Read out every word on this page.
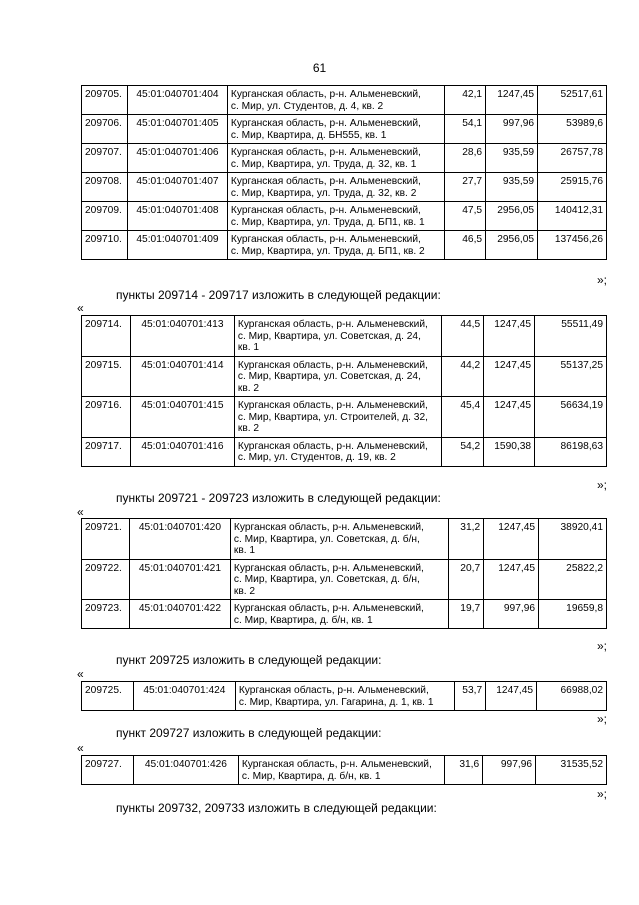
61
209705.	45:01:040701:404	Курганская область, р-н. Альменевский,
с. Мир, ул. Студентов, д. 4, кв. 2	42,1	1247,45	52517,61
209706.	45:01:040701:405	Курганская область, р-н. Альменевский,
с. Мир, Квартира, д. БН555, кв. 1	54,1	997,96	53989,6
209707.	45:01:040701:406	Курганская область, р-н. Альменевский,
с. Мир, Квартира, ул. Труда, д. 32, кв. 1	28,6	935,59	26757,78
209708.	45:01:040701:407	Курганская область, р-н. Альменевский,
с. Мир, Квартира, ул. Труда, д. 32, кв. 2	27,7	935,59	25915,76
209709.	45:01:040701:408	Курганская область, р-н. Альменевский,
с. Мир, Квартира, ул. Труда, д. БП1, кв. 1	47,5	2956,05	140412,31
209710.	45:01:040701:409	Курганская область, р-н. Альменевский,
с. Мир, Квартира, ул. Труда, д. БП1, кв. 2	46,5	2956,05	137456,26
»;
пункты 209714 - 209717 изложить в следующей редакции:
«
209714.	45:01:040701:413	Курганская область, р-н. Альменевский,
с. Мир, Квартира, ул. Советская, д. 24,
кв. 1	44,5	1247,45	55511,49
209715.	45:01:040701:414	Курганская область, р-н. Альменевский,
с. Мир, Квартира, ул. Советская, д. 24,
кв. 2	44,2	1247,45	55137,25
209716.	45:01:040701:415	Курганская область, р-н. Альменевский,
с. Мир, Квартира, ул. Строителей, д. 32,
кв. 2	45,4	1247,45	56634,19
209717.	45:01:040701:416	Курганская область, р-н. Альменевский,
с. Мир, ул. Студентов, д. 19, кв. 2	54,2	1590,38	86198,63
»;
пункты 209721 - 209723 изложить в следующей редакции:
«
209721.	45:01:040701:420	Курганская область, р-н. Альменевский,
с. Мир, Квартира, ул. Советская, д. б/н,
кв. 1	31,2	1247,45	38920,41
209722.	45:01:040701:421	Курганская область, р-н. Альменевский,
с. Мир, Квартира, ул. Советская, д. б/н,
кв. 2	20,7	1247,45	25822,2
209723.	45:01:040701:422	Курганская область, р-н. Альменевский,
с. Мир, Квартира, д. б/н, кв. 1	19,7	997,96	19659,8
»;
пункт 209725 изложить в следующей редакции:
«
209725.	45:01:040701:424	Курганская область, р-н. Альменевский,
с. Мир, Квартира, ул. Гагарина, д. 1, кв. 1	53,7	1247,45	66988,02
»;
пункт 209727 изложить в следующей редакции:
«
209727.	45:01:040701:426	Курганская область, р-н. Альменевский,
с. Мир, Квартира, д. б/н, кв. 1	31,6	997,96	31535,52
»;
пункты 209732, 209733 изложить в следующей редакции:
